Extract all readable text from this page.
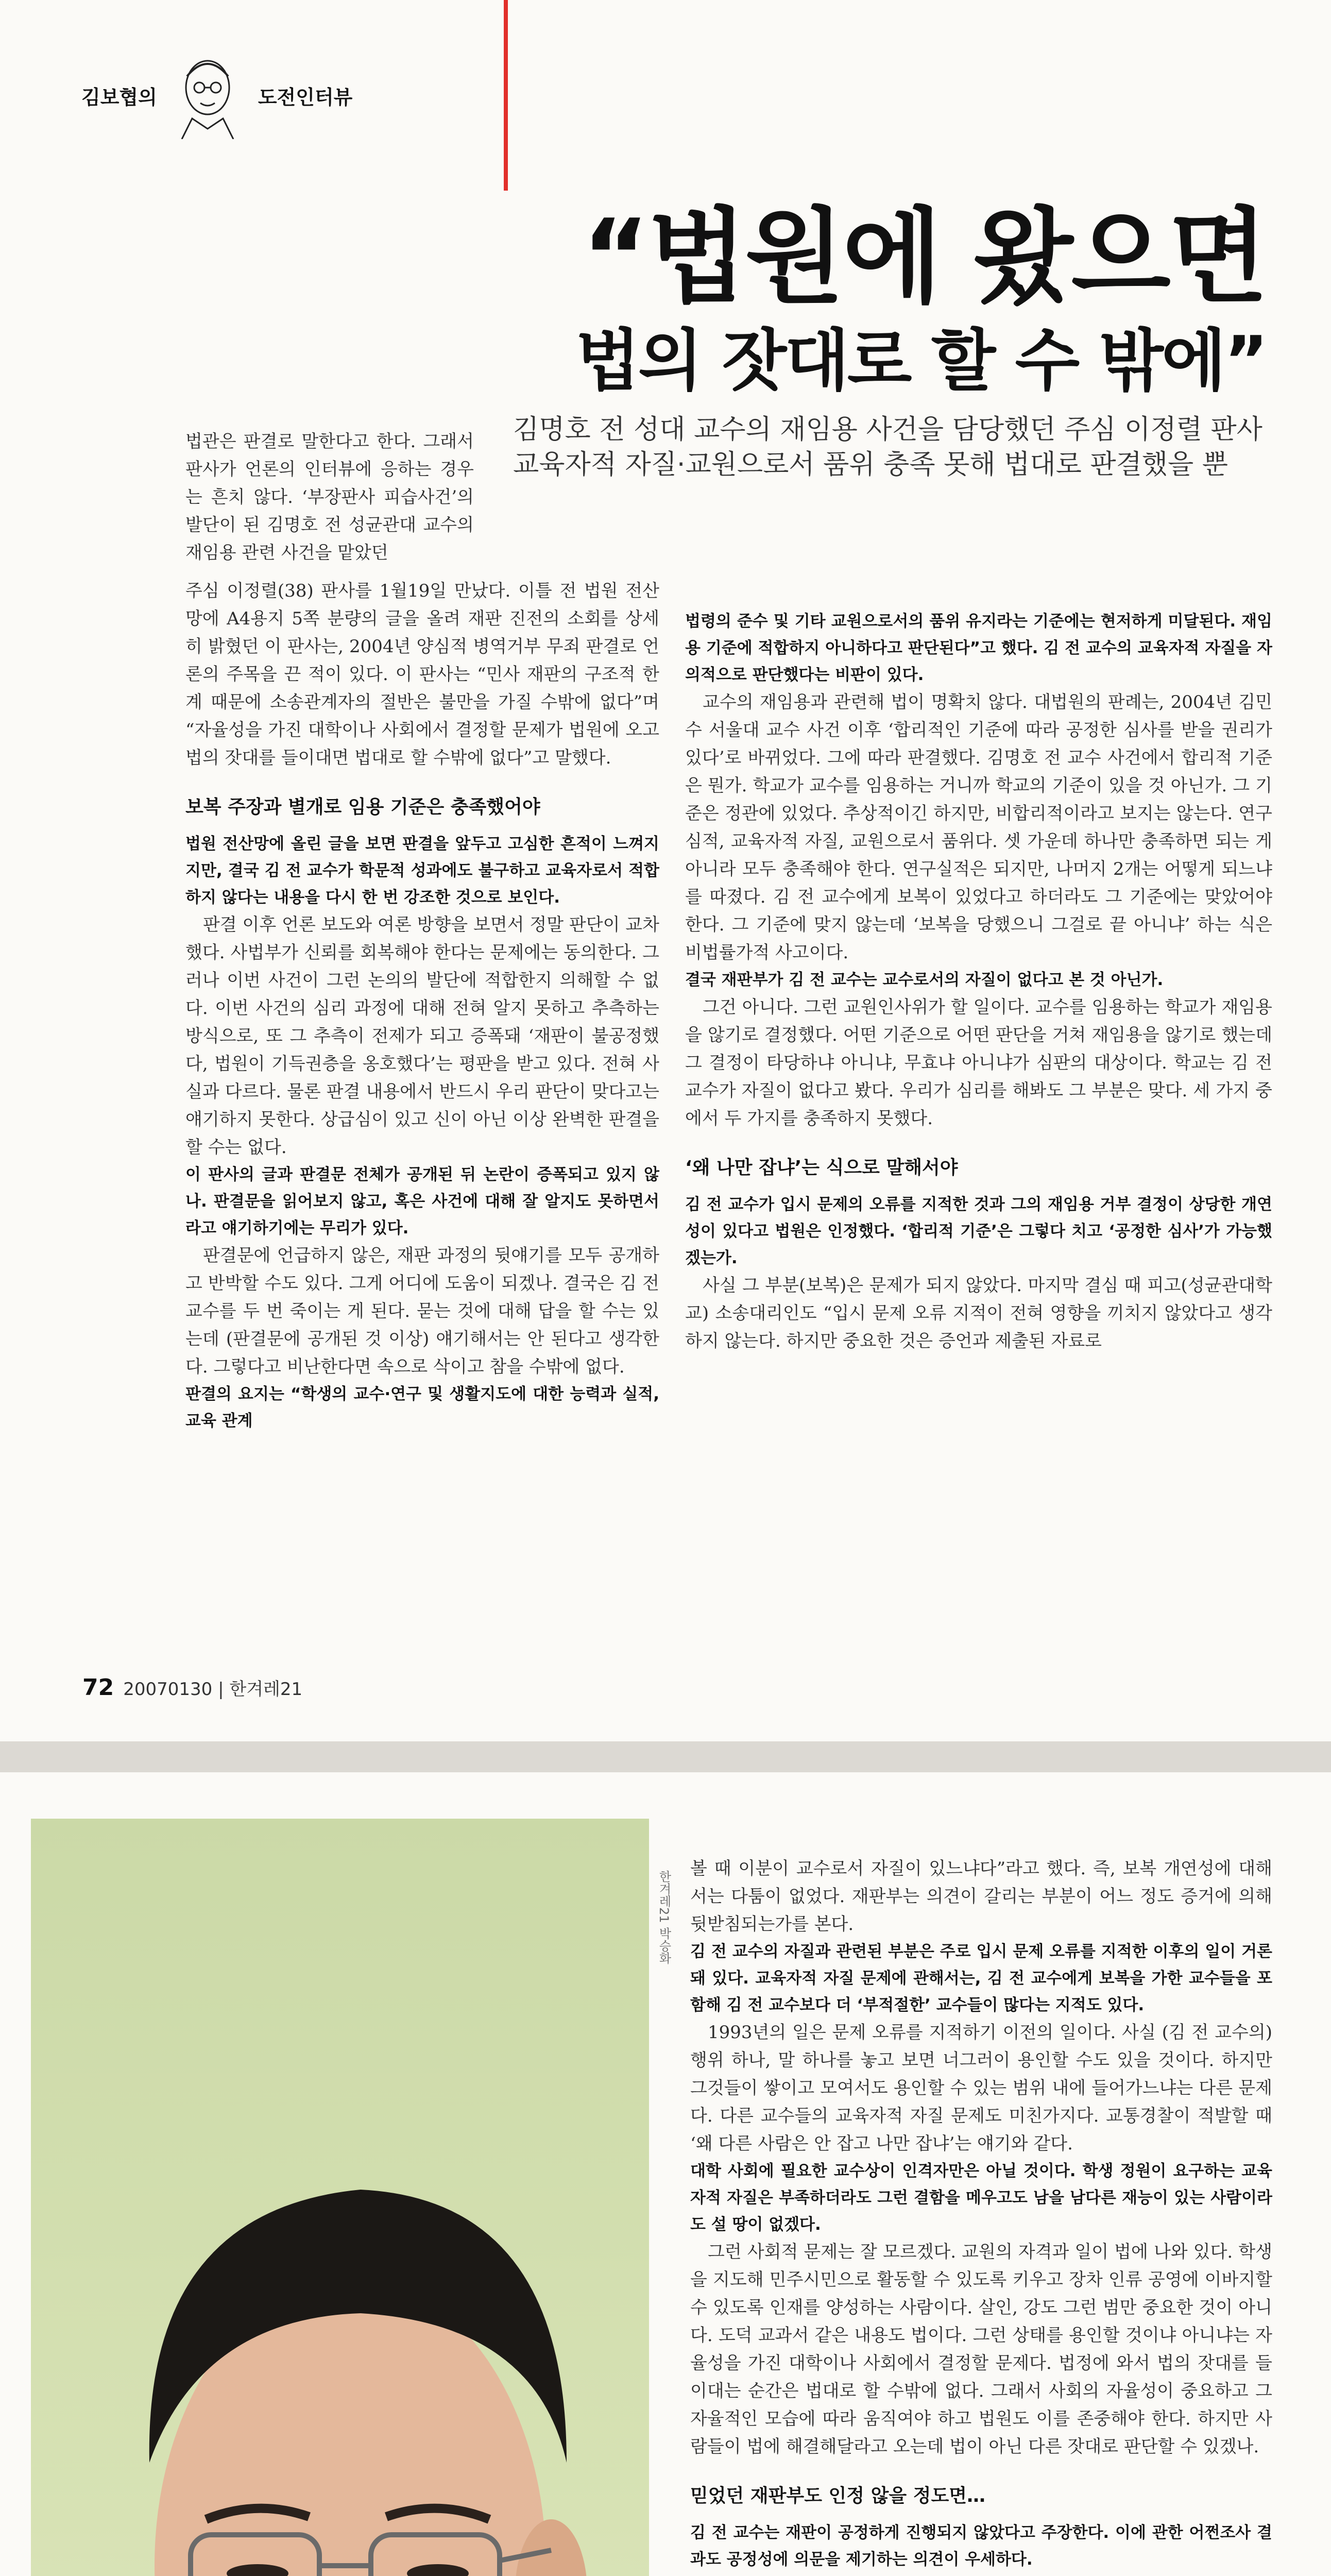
김보협의	도전인터뷰
“법원에 왔으면
법의 잣대로 할 수 밖에”
김명호 전 성대 교수의 재임용 사건을 담당했던 주심 이정렬 판사 교육자적 자질·교원으로서 품위 충족 못해 법대로 판결했을 뿐

법관은 판결로 말한다고 한다. 그래서 판사가 언론의 인터뷰에 응하는 경우는 흔치 않다. ‘부장판사 피습사건’의 발단이 된 김명호 전 성균관대 교수의 재임용 관련 사건을 맡았던

주심 이정렬(38) 판사를 1월19일 만났다. 이틀 전 법원 전산망에 A4용지 5쪽 분량의 글을 올려 재판 진전의 소회를 상세히 밝혔던 이 판사는, 2004년 양심적 병역거부 무죄 판결로 언론의 주목을 끈 적이 있다. 이 판사는 “민사 재판의 구조적 한계 때문에 소송관계자의 절반은 불만을 가질 수밖에 없다”며 “자율성을 가진 대학이나 사회에서 결정할 문제가 법원에 오고 법의 잣대를 들이대면 법대로 할 수밖에 없다”고 말했다.

보복 주장과 별개로 임용 기준은 충족했어야

법원 전산망에 올린 글을 보면 판결을 앞두고 고심한 흔적이 느껴지지만, 결국 김 전 교수가 학문적 성과에도 불구하고 교육자로서 적합하지 않다는 내용을 다시 한 번 강조한 것으로 보인다.

판결 이후 언론 보도와 여론 방향을 보면서 정말 판단이 교차했다. 사법부가 신뢰를 회복해야 한다는 문제에는 동의한다. 그러나 이번 사건이 그런 논의의 발단에 적합한지 의해할 수 없다. 이번 사건의 심리 과정에 대해 전혀 알지 못하고 추측하는 방식으로, 또 그 추측이 전제가 되고 증폭돼 ‘재판이 불공정했다, 법원이 기득권층을 옹호했다’는 평판을 받고 있다. 전혀 사실과 다르다. 물론 판결 내용에서 반드시 우리 판단이 맞다고는 얘기하지 못한다. 상급심이 있고 신이 아닌 이상 완벽한 판결을 할 수는 없다.

이 판사의 글과 판결문 전체가 공개된 뒤 논란이 증폭되고 있지 않나. 판결문을 읽어보지 않고, 혹은 사건에 대해 잘 알지도 못하면서라고 얘기하기에는 무리가 있다.

판결문에 언급하지 않은, 재판 과정의 뒷얘기를 모두 공개하고 반박할 수도 있다. 그게 어디에 도움이 되겠나. 결국은 김 전 교수를 두 번 죽이는 게 된다. 묻는 것에 대해 답을 할 수는 있는데 (판결문에 공개된 것 이상) 얘기해서는 안 된다고 생각한다. 그렇다고 비난한다면 속으로 삭이고 참을 수밖에 없다.

판결의 요지는 “학생의 교수·연구 및 생활지도에 대한 능력과 실적, 교육 관계

법령의 준수 및 기타 교원으로서의 품위 유지라는 기준에는 현저하게 미달된다. 재임용 기준에 적합하지 아니하다고 판단된다”고 했다. 김 전 교수의 교육자적 자질을 자의적으로 판단했다는 비판이 있다.

교수의 재임용과 관련해 법이 명확치 않다. 대법원의 판례는, 2004년 김민수 서울대 교수 사건 이후 ‘합리적인 기준에 따라 공정한 심사를 받을 권리가 있다’로 바뀌었다. 그에 따라 판결했다. 김명호 전 교수 사건에서 합리적 기준은 뭔가. 학교가 교수를 임용하는 거니까 학교의 기준이 있을 것 아닌가. 그 기준은 정관에 있었다. 추상적이긴 하지만, 비합리적이라고 보지는 않는다. 연구심적, 교육자적 자질, 교원으로서 품위다. 셋 가운데 하나만 충족하면 되는 게 아니라 모두 충족해야 한다. 연구실적은 되지만, 나머지 2개는 어떻게 되느냐를 따졌다. 김 전 교수에게 보복이 있었다고 하더라도 그 기준에는 맞았어야 한다. 그 기준에 맞지 않는데 ‘보복을 당했으니 그걸로 끝 아니냐’ 하는 식은 비법률가적 사고이다.

결국 재판부가 김 전 교수는 교수로서의 자질이 없다고 본 것 아닌가.

그건 아니다. 그런 교원인사위가 할 일이다. 교수를 임용하는 학교가 재임용을 않기로 결정했다. 어떤 기준으로 어떤 판단을 거쳐 재임용을 않기로 했는데 그 결정이 타당하냐 아니냐, 무효냐 아니냐가 심판의 대상이다. 학교는 김 전 교수가 자질이 없다고 봤다. 우리가 심리를 해봐도 그 부분은 맞다. 세 가지 중에서 두 가지를 충족하지 못했다.

‘왜 나만 잡냐’는 식으로 말해서야

김 전 교수가 입시 문제의 오류를 지적한 것과 그의 재임용 거부 결정이 상당한 개연성이 있다고 법원은 인정했다. ‘합리적 기준’은 그렇다 치고 ‘공정한 심사’가 가능했겠는가.

사실 그 부분(보복)은 문제가 되지 않았다. 마지막 결심 때 피고(성균관대학교) 소송대리인도 “입시 문제 오류 지적이 전혀 영향을 끼치지 않았다고 생각하지 않는다. 하지만 중요한 것은 증언과 제출된 자료로

72 20070130 | 한겨레21
한겨레21 박승화

볼 때 이분이 교수로서 자질이 있느냐다”라고 했다. 즉, 보복 개연성에 대해서는 다툼이 없었다. 재판부는 의견이 갈리는 부분이 어느 정도 증거에 의해 뒷받침되는가를 본다.

김 전 교수의 자질과 관련된 부분은 주로 입시 문제 오류를 지적한 이후의 일이 거론돼 있다. 교육자적 자질 문제에 관해서는, 김 전 교수에게 보복을 가한 교수들을 포함해 김 전 교수보다 더 ‘부적절한’ 교수들이 많다는 지적도 있다.

1993년의 일은 문제 오류를 지적하기 이전의 일이다. 사실 (김 전 교수의) 행위 하나, 말 하나를 놓고 보면 너그러이 용인할 수도 있을 것이다. 하지만 그것들이 쌓이고 모여서도 용인할 수 있는 범위 내에 들어가느냐는 다른 문제다. 다른 교수들의 교육자적 자질 문제도 미친가지다. 교통경찰이 적발할 때 ‘왜 다른 사람은 안 잡고 나만 잡냐’는 얘기와 같다.

대학 사회에 필요한 교수상이 인격자만은 아닐 것이다. 학생 정원이 요구하는 교육자적 자질은 부족하더라도 그런 결함을 메우고도 남을 남다른 재능이 있는 사람이라도 설 땅이 없겠다.

그런 사회적 문제는 잘 모르겠다. 교원의 자격과 일이 법에 나와 있다. 학생을 지도해 민주시민으로 활동할 수 있도록 키우고 장차 인류 공영에 이바지할 수 있도록 인재를 양성하는 사람이다. 살인, 강도 그런 범만 중요한 것이 아니다. 도덕 교과서 같은 내용도 법이다. 그런 상태를 용인할 것이냐 아니냐는 자율성을 가진 대학이나 사회에서 결정할 문제다. 법정에 와서 법의 잣대를 들이대는 순간은 법대로 할 수밖에 없다. 그래서 사회의 자율성이 중요하고 그 자율적인 모습에 따라 움직여야 하고 법원도 이를 존중해야 한다. 하지만 사람들이 법에 해결해달라고 오는데 법이 아닌 다른 잣대로 판단할 수 있겠나.

믿었던 재판부도 인정 않을 정도면…

김 전 교수는 재판이 공정하게 진행되지 않았다고 주장한다. 이에 관한 어쩐조사 결과도 공정성에 의문을 제기하는 의견이 우세하다.
